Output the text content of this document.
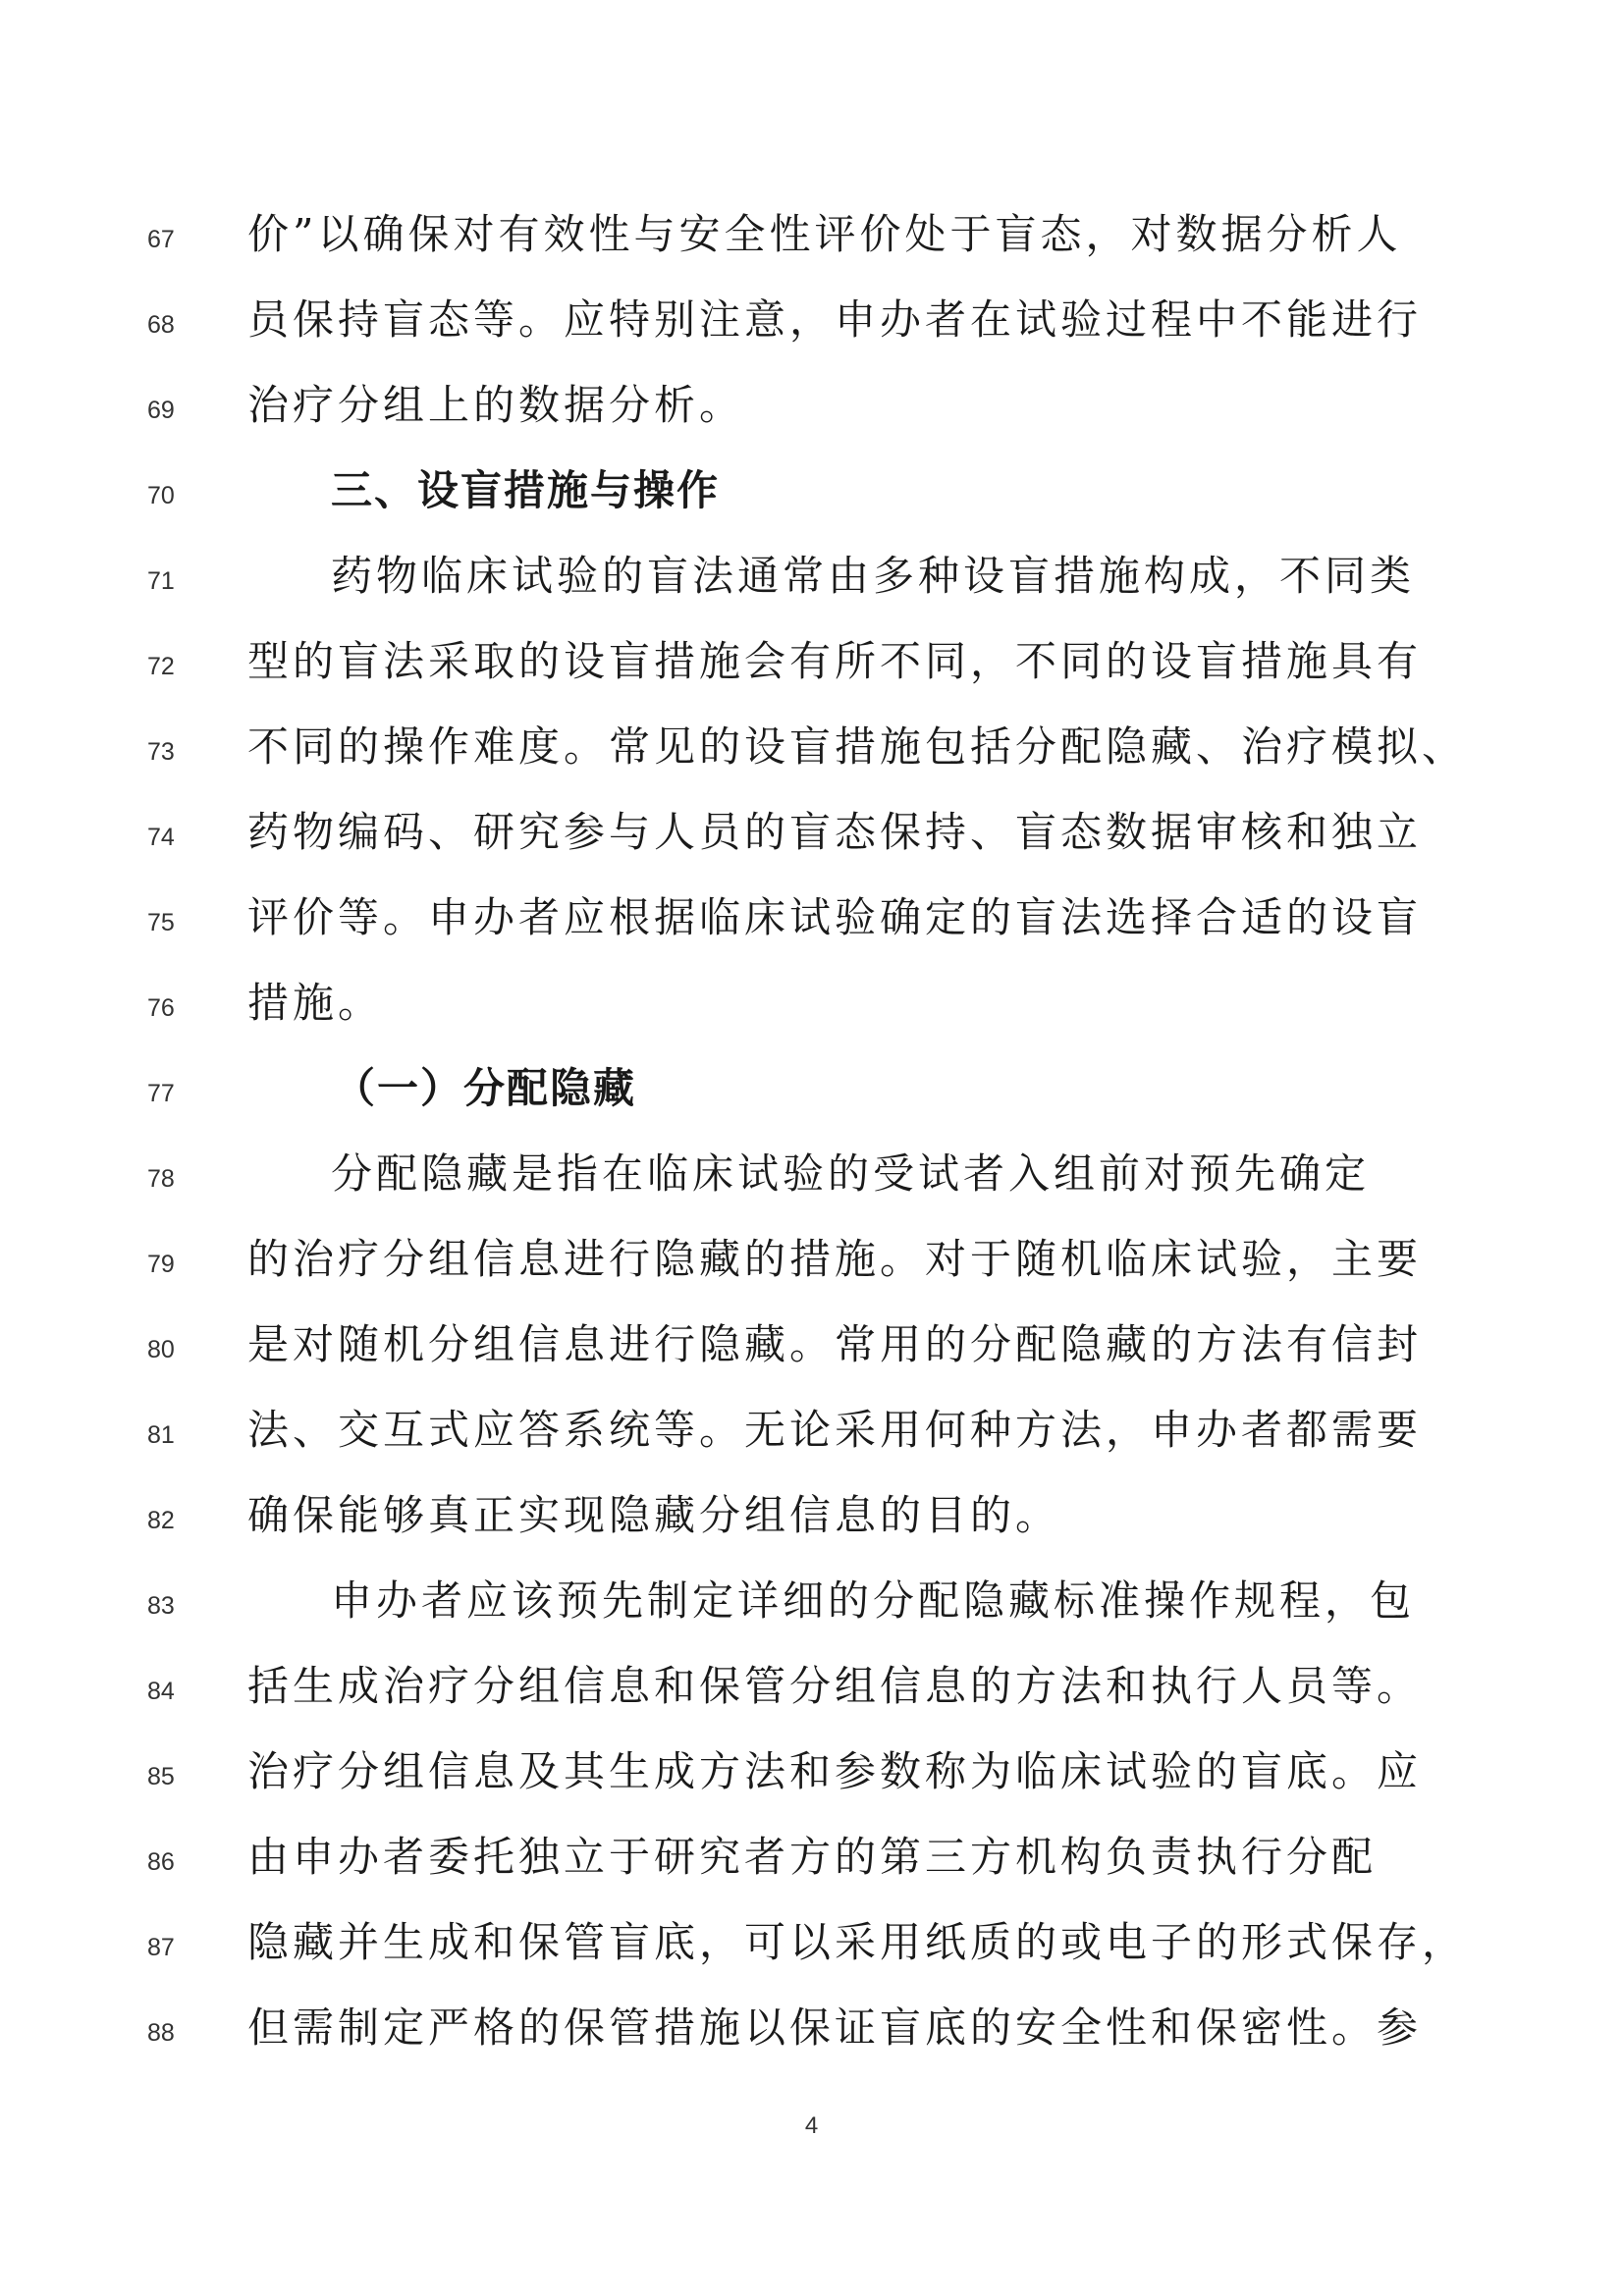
67	价”以确保对有效性与安全性评价处于盲态，对数据分析人
68	员保持盲态等。应特别注意，申办者在试验过程中不能进行
69	治疗分组上的数据分析。
70	三、设盲措施与操作
71	药物临床试验的盲法通常由多种设盲措施构成，不同类
72	型的盲法采取的设盲措施会有所不同，不同的设盲措施具有
73	不同的操作难度。常见的设盲措施包括分配隐藏、治疗模拟、
74	药物编码、研究参与人员的盲态保持、盲态数据审核和独立
75	评价等。申办者应根据临床试验确定的盲法选择合适的设盲
76	措施。
77	（一）分配隐藏
78	分配隐藏是指在临床试验的受试者入组前对预先确定
79	的治疗分组信息进行隐藏的措施。对于随机临床试验，主要
80	是对随机分组信息进行隐藏。常用的分配隐藏的方法有信封
81	法、交互式应答系统等。无论采用何种方法，申办者都需要
82	确保能够真正实现隐藏分组信息的目的。
83	申办者应该预先制定详细的分配隐藏标准操作规程，包
84	括生成治疗分组信息和保管分组信息的方法和执行人员等。
85	治疗分组信息及其生成方法和参数称为临床试验的盲底。应
86	由申办者委托独立于研究者方的第三方机构负责执行分配
87	隐藏并生成和保管盲底，可以采用纸质的或电子的形式保存，
88	但需制定严格的保管措施以保证盲底的安全性和保密性。参
4
